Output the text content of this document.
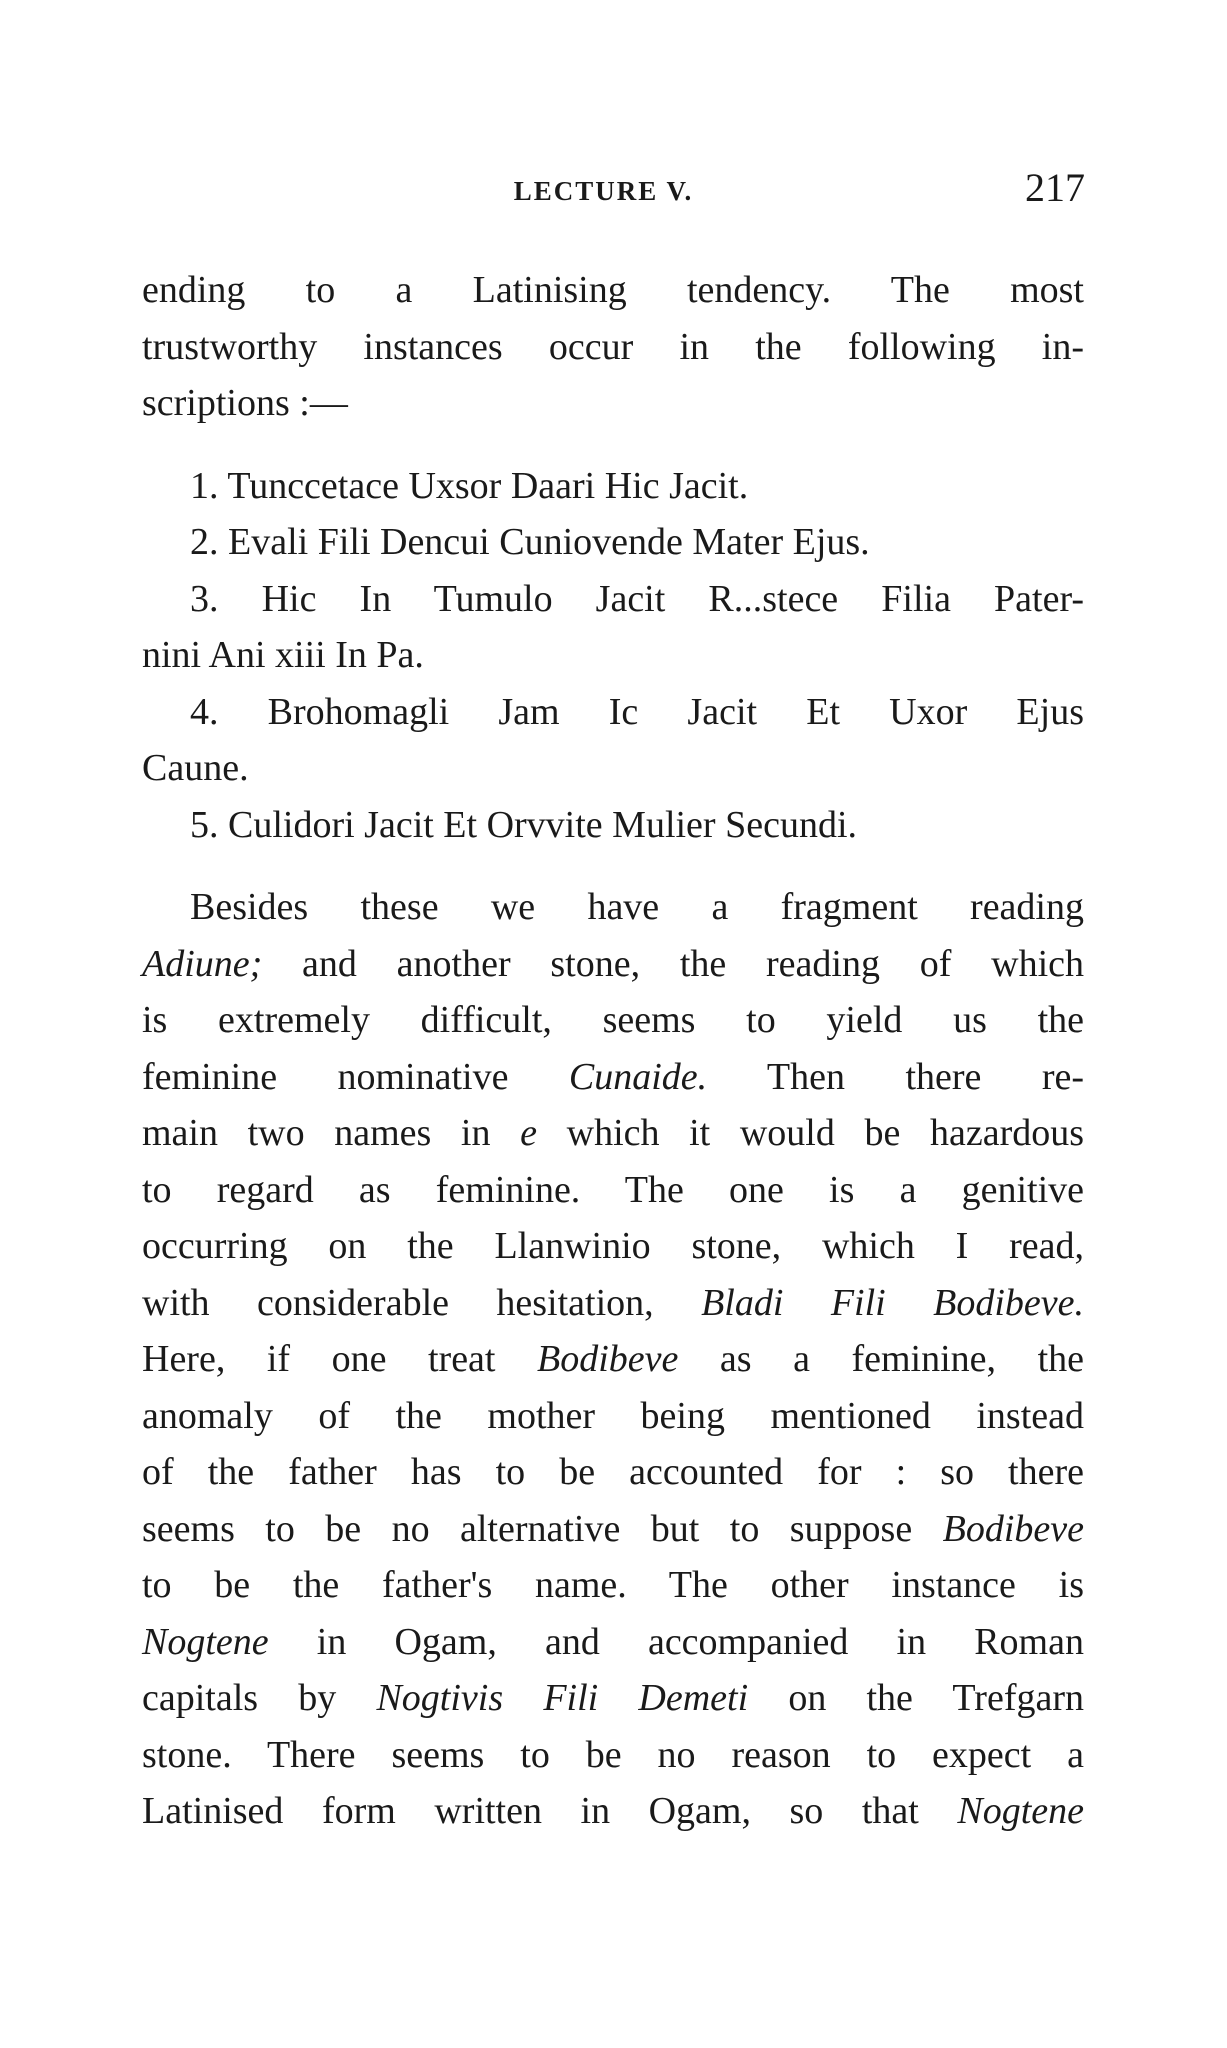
LECTURE V.	217
ending to a Latinising tendency. The most
trustworthy instances occur in the following in-
scriptions :—
1. Tunccetace Uxsor Daari Hic Jacit.
2. Evali Fili Dencui Cuniovende Mater Ejus.
3. Hic In Tumulo Jacit R...stece Filia Pater-
nini Ani xiii In Pa.
4. Brohomagli Jam Ic Jacit Et Uxor Ejus
Caune.
5. Culidori Jacit Et Orvvite Mulier Secundi.
Besides these we have a fragment reading
Adiune; and another stone, the reading of which
is extremely difficult, seems to yield us the
feminine nominative Cunaide. Then there re-
main two names in e which it would be hazardous
to regard as feminine. The one is a genitive
occurring on the Llanwinio stone, which I read,
with considerable hesitation, Bladi Fili Bodibeve.
Here, if one treat Bodibeve as a feminine, the
anomaly of the mother being mentioned instead
of the father has to be accounted for : so there
seems to be no alternative but to suppose Bodibeve
to be the father's name. The other instance is
Nogtene in Ogam, and accompanied in Roman
capitals by Nogtivis Fili Demeti on the Trefgarn
stone. There seems to be no reason to expect a
Latinised form written in Ogam, so that Nogtene
